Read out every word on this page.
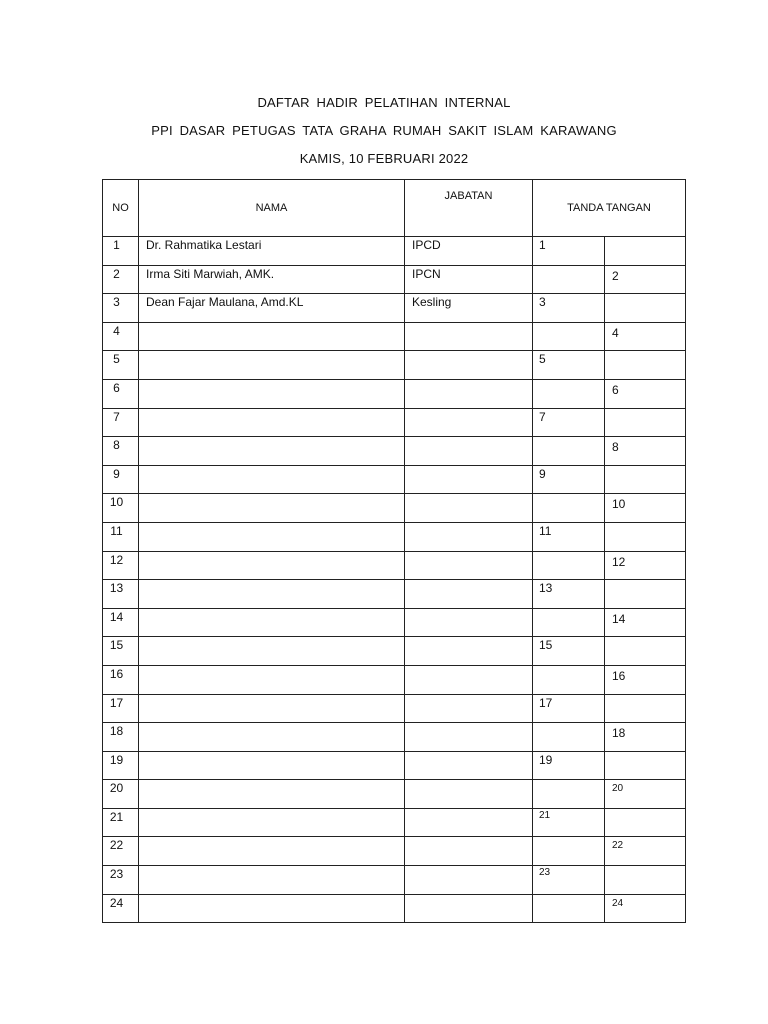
DAFTAR HADIR PELATIHAN INTERNAL
PPI DASAR PETUGAS TATA GRAHA RUMAH SAKIT ISLAM KARAWANG
KAMIS, 10 FEBRUARI 2022
NO	NAMA	JABATAN	TANDA TANGAN	
1	Dr. Rahmatika Lestari	IPCD	1	
2	Irma Siti Marwiah, AMK.	IPCN		2
3	Dean Fajar Maulana, Amd.KL	Kesling	3	
4				4
5			5	
6				6
7			7	
8				8
9			9	
10				10
11			11	
12				12
13			13	
14				14
15			15	
16				16
17			17	
18				18
19			19	
20				20
21			21	
22				22
23			23	
24				24
